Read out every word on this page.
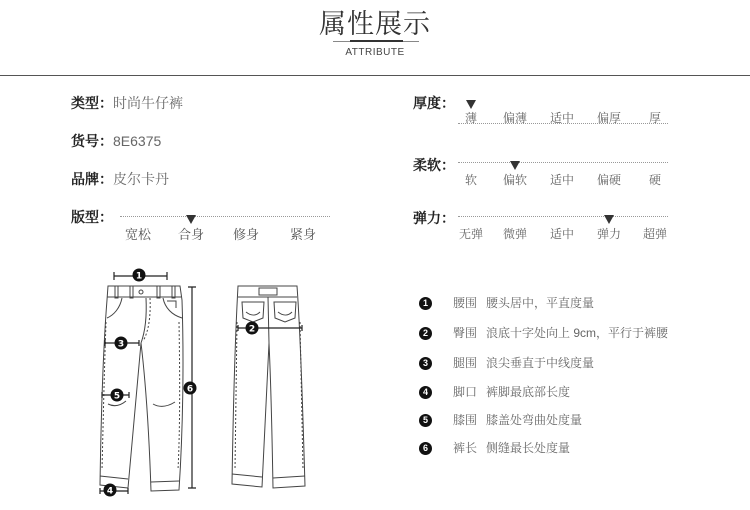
属性展示
ATTRIBUTE
类型：时尚牛仔裤
货号：8E6375
品牌：皮尔卡丹
版型：
宽松	合身	修身	紧身
厚度：
薄	偏薄	适中	偏厚	厚
柔软：
软	偏软	适中	偏硬	硬
弹力：
无弹	微弹	适中	弹力	超弹
1	腰围 腰头居中，平直度量
2	臀围 浪底十字处向上 9cm，平行于裤腰
3	腿围 浪尖垂直于中线度量
4	脚口 裤脚最底部长度
5	膝围 膝盖处弯曲处度量
6	裤长 侧缝最长处度量
1
2
3
4
5
6
